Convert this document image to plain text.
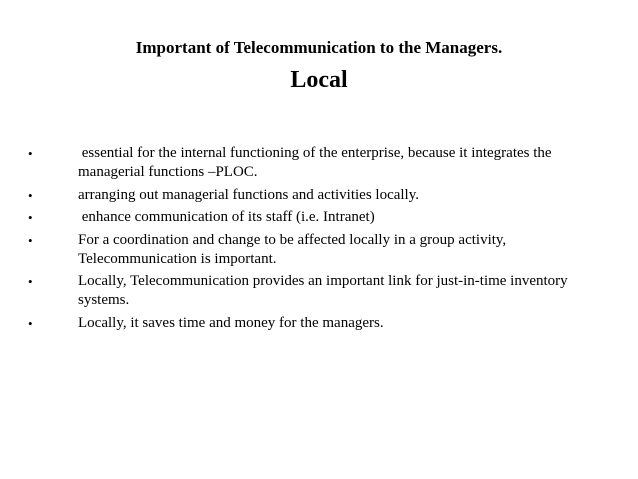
Important of Telecommunication to the Managers.
Local
•	essential for the internal functioning of the enterprise, because it integrates the managerial functions –PLOC.
•	arranging out managerial functions and activities locally.
•	enhance communication of its staff (i.e. Intranet)
•	For a coordination and change to be affected locally in a group activity, Telecommunication is important.
•	Locally, Telecommunication provides an important link for just-in-time inventory systems.
•	Locally, it saves time and money for the managers.
